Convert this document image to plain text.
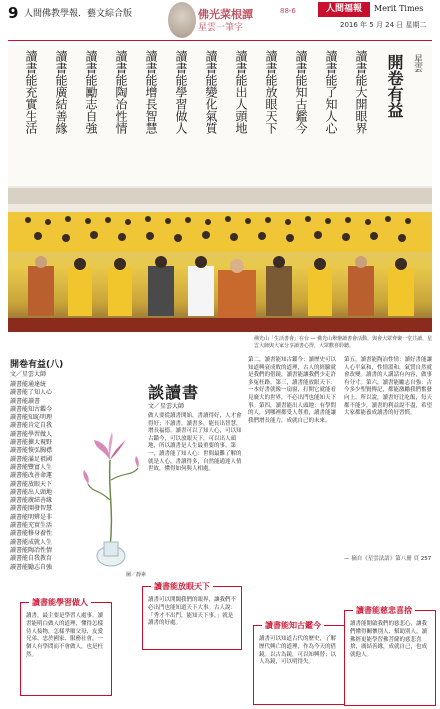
9 人間佛教學報．藝文綜合版	佛光菜根譚	88-6
星雲一筆字
人間福報	Merit Times
2016 年 5 月 24 日 星期二
讀書能大開眼界
讀書能了知人心
讀書能知古鑑今
讀書能放眼天下
讀書能出人頭地
讀書能變化氣質
讀書能學習做人
讀書能增長智慧
讀書能陶冶性情
讀書能勵志自強
讀書能廣結善緣
讀書能充實生活	開卷有益 星雲
佛光山「生活書會」在台 — 佛光山舉辦讀書會活動，與會大眾齊聚一堂共讀，星雲大師與大家分享讀書心得，大眾歡喜聆聽。
開卷有益(八)
文／星雲大師
讀書能通達統
讀書能了知人心
讀書能讀書
讀書能知古鑑今
讀書能知恥明理
讀書能肯定自我
讀書能學習做人
讀書能擴大視野
讀書能恢弘胸襟
讀書能滿足祖國
讀書能豐富人生
讀書能改善命運
讀書能放眼天下
讀書能出人頭地
讀書能廣結善緣
讀書能開發智慧
讀書能明辨是非
讀書能充實生活
讀書能修身養性
讀書能成就人生
讀書能陶冶性情
讀書能自我教育
讀書能勵志自強
談讀書
文／星雲大師
做人要從讀書開始，書讀得好，人才會得好；不讀書，讀書多，能長出智慧，增長福德。讀書可以了知人心，可以知古鑑今，可以放眼天下，可以出人頭地，所以讀書是人生最重要的事。第一，讀書能了知人心：世間最難了解的就是人心，書讀得多，自然能通達人情世故，懂得如何與人相處。
第二，讀書能知古鑑今：讀歷史可以知道興衰成敗的道理，古人的經驗就是我們的借鏡，讀書能讓我們少走許多冤枉路。第三，讀書能放眼天下：一本好書就像一扇窗，打開它就能看見廣大的世界，不必出門也能知天下事。第四，讀書能出人頭地：有學問的人，到哪裡都受人尊重，讀書能讓我們增長能力，成就自己的未來。
第五，讀書能陶冶性情：讀好書能讓人心平氣和，性情溫和，氣質自然就會改變。讀書的人講話有內容，做事有分寸。第六，讀書能勵志自強：古今多少聖賢傳記，都能激勵我們奮發向上。所以說，讀書好比吃飯，每天都不能少，讀書的利益說不盡，希望大家都能養成讀書的好習慣。
— 摘自《星雲法語》第八冊 頁 257
圖／靜素
讀書能學習做人
讀書，最主要是學習人處事。讀書能明白做人的道理，懂得怎樣待人接物，怎樣孝順父母、友愛兄弟、忠於國家、服務社會。一個人有學問而不會做人，也是枉然。
讀書能放眼天下
讀書可以開闊我們的眼界，讓我們不必出門也能知道天下大事。古人說：「秀才不出門，能知天下事。」就是讀書的好處。	讀書能知古鑑今
讀書可以知道古代的歷史，了解歷代興亡的道理，作為今天的借鏡。以古為鏡，可以知興替；以人為鏡，可以明得失。
讀書能慈悲喜捨
讀書能開啟我們的慈悲心，讓我們懂得關懷別人、幫助別人。讀佛經更能學習佛菩薩的慈悲喜捨，廣結善緣，成就自己，也成就他人。
